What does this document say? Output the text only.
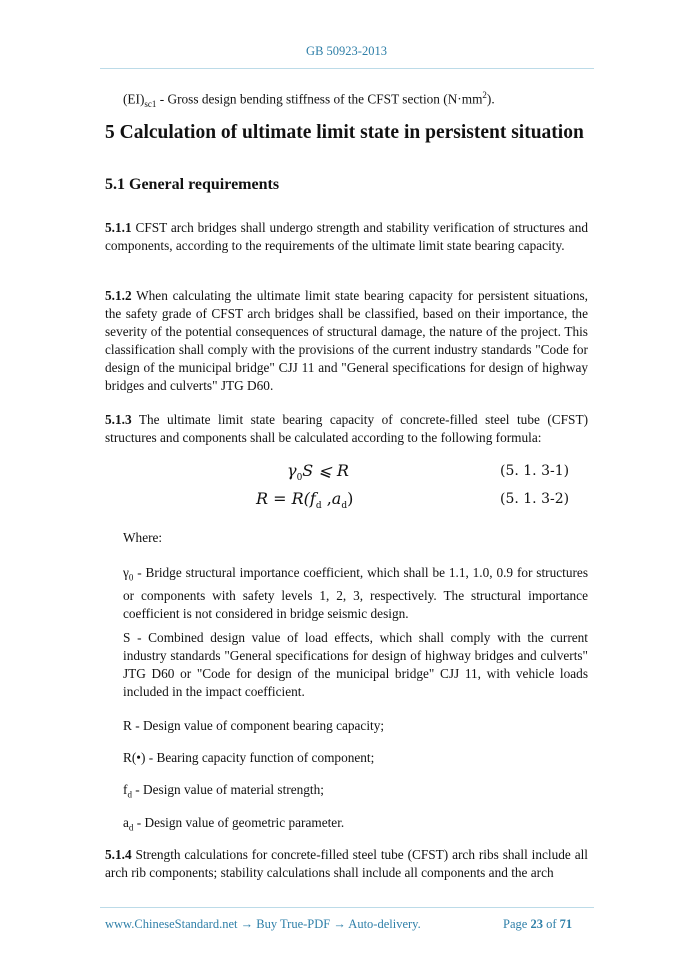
GB 50923-2013
$(EI)_{sc1}$ - Gross design bending stiffness of the CFST section $(N\cdot mm^2)$.
5 Calculation of ultimate limit state in persistent situation
5.1 General requirements
5.1.1 CFST arch bridges shall undergo strength and stability verification of structures and components, according to the requirements of the ultimate limit state bearing capacity.
5.1.2 When calculating the ultimate limit state bearing capacity for persistent situations, the safety grade of CFST arch bridges shall be classified, based on their importance, the severity of the potential consequences of structural damage, the nature of the project. This classification shall comply with the provisions of the current industry standards "Code for design of the municipal bridge" CJJ 11 and "General specifications for design of highway bridges and culverts" JTG D60.
5.1.3 The ultimate limit state bearing capacity of concrete-filled steel tube (CFST) structures and components shall be calculated according to the following formula:
$\gamma_0S$ ⩽ R	(5. 1. 3-1)
$R = R(f_d$ $,a_d$)	(5. 1. 3-2)
Where:
$\gamma_0$ - Bridge structural importance coefficient, which shall be 1.1, 1.0, 0.9 for structures or components with safety levels 1, 2, 3, respectively. The structural importance coefficient is not considered in bridge seismic design.
S - Combined design value of load effects, which shall comply with the current industry standards "General specifications for design of highway bridges and culverts" JTG D60 or "Code for design of the municipal bridge" CJJ 11, with vehicle loads included in the impact coefficient.
R - Design value of component bearing capacity;
R(•) - Bearing capacity function of component;
$f_d$ - Design value of material strength;
$a_d$ - Design value of geometric parameter.
5.1.4 Strength calculations for concrete-filled steel tube (CFST) arch ribs shall include all arch rib components; stability calculations shall include all components and the arch
www.ChineseStandard.net → Buy True-PDF → Auto-delivery.	Page 23 of 71
